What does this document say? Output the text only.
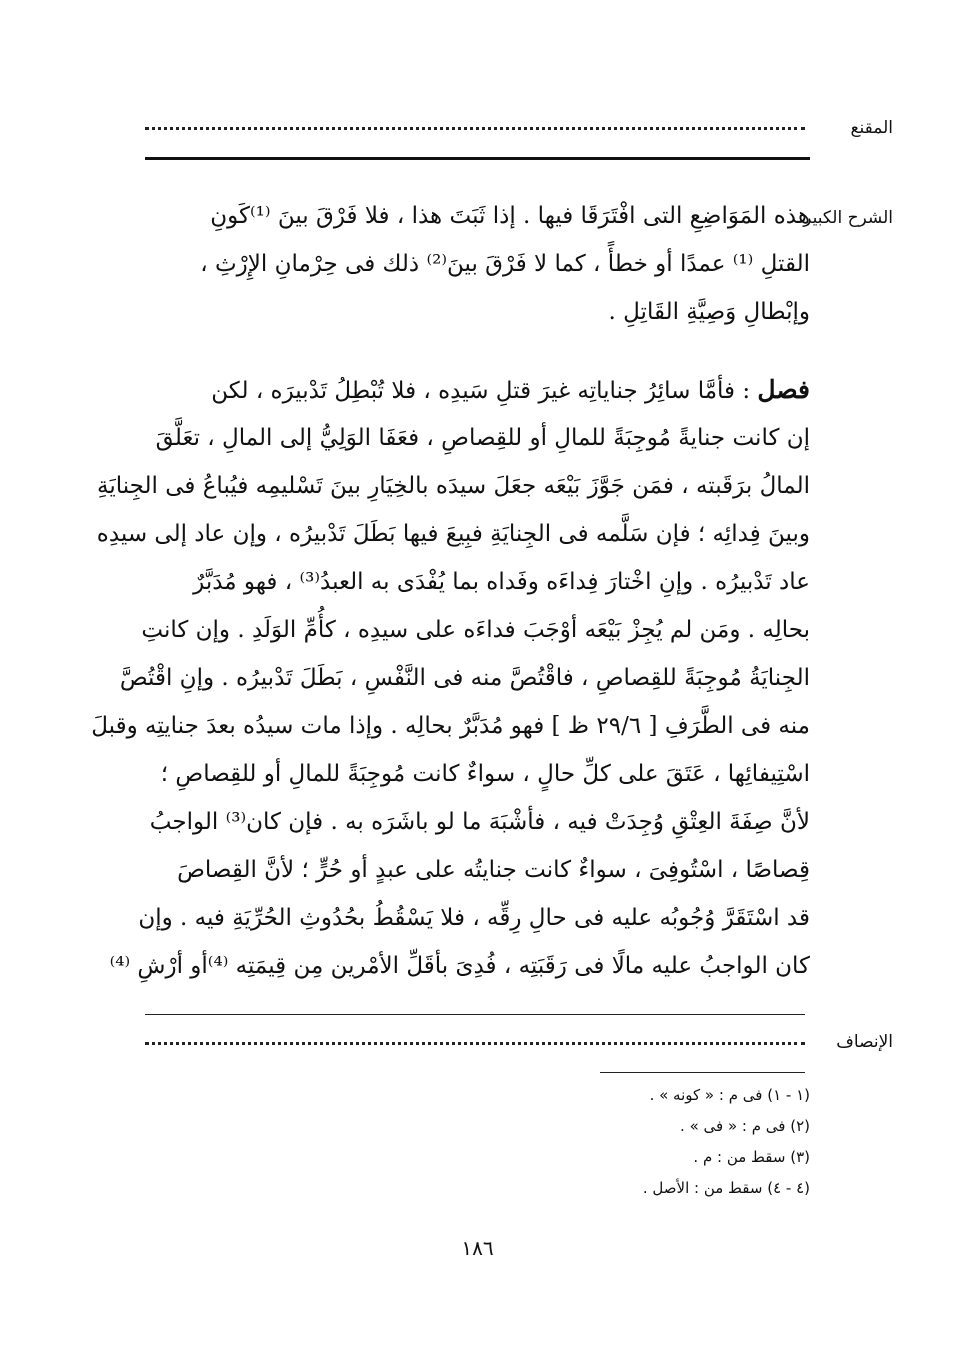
المقنع
الشرح الكبير
هذه المَوَاضِعِ التى افْتَرَقَا فيها . إذا ثَبَتَ هذا ، فلا فَرْقَ بينَ ⁽¹⁾كَونِ
القتلِ ⁽¹⁾ عمدًا أو خطأً ، كما لا فَرْقَ بينَ⁽²⁾ ذلك فى حِرْمانِ الإِرْثِ ،
وإبْطالِ وَصِيَّةِ القَاتِلِ .
فصل : فأمَّا سائِرُ جناياتِه غيرَ قتلِ سَيدِه ، فلا تُبْطِلُ تَدْبيرَه ، لكن
إن كانت جنايةً مُوجِبَةً للمالِ أو للقِصاصِ ، فعَفَا الوَلِيُّ إلى المالِ ، تعَلَّقَ
المالُ برَقَبته ، فمَن جَوَّزَ بَيْعَه جعَلَ سيدَه بالخِيَارِ بينَ تَسْليمِه فيُباعُ فى الجِنايَةِ
وبينَ فِدائِه ؛ فإن سَلَّمه فى الجِنايَةِ فبِيعَ فيها بَطَلَ تَدْبيرُه ، وإن عاد إلى سيدِه
عاد تَدْبيرُه . وإنِ اخْتارَ فِداءَه وفَداه بما يُفْدَى به العبدُ⁽³⁾ ، فهو مُدَبَّرٌ
بحالِه . ومَن لم يُجِزْ بَيْعَه أوْجَبَ فداءَه على سيدِه ، كأُمِّ الوَلَدِ . وإن كانتِ
الجِنايَةُ مُوجِبَةً للقِصاصِ ، فاقْتُصَّ منه فى النَّفْسِ ، بَطَلَ تَدْبيرُه . وإنِ اقْتُصَّ
منه فى الطَّرَفِ [ ٢٩/٦ ظ ] فهو مُدَبَّرٌ بحالِه . وإذا مات سيدُه بعدَ جنايتِه وقبلَ
اسْتِيفائِها ، عَتَقَ على كلِّ حالٍ ، سواءٌ كانت مُوجِبَةً للمالِ أو للقِصاصِ ؛
لأنَّ صِفَةَ العِتْقِ وُجِدَتْ فيه ، فأشْبَهَ ما لو باشَرَه به . فإن كان⁽³⁾ الواجبُ
قِصاصًا ، اسْتُوفِىَ ، سواءٌ كانت جنايتُه على عبدٍ أو حُرٍّ ؛ لأنَّ القِصاصَ
قد اسْتَقَرَّ وُجُوبُه عليه فى حالِ رِقِّه ، فلا يَسْقُطُ بحُدُوثِ الحُرِّيَةِ فيه . وإن
كان الواجبُ عليه مالًا فى رَقَبَتِه ، فُدِىَ بأقَلِّ الأمْرين مِن قِيمَتِه ⁽⁴⁾أو أرْشِ ⁽⁴⁾
الإنصاف
(١ - ١) فى م : « كونه » .
(٢) فى م : « فى » .
(٣) سقط من : م .
(٤ - ٤) سقط من : الأصل .
١٨٦
